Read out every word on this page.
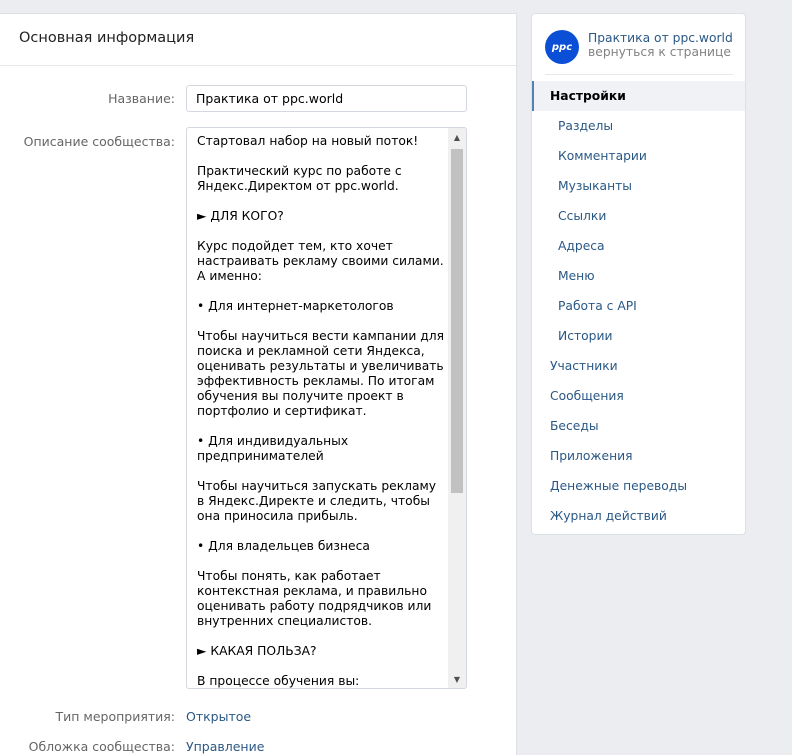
Основная информация
Название:
Практика от ppc.world
Описание сообщества: Стартовал набор на новый поток!

Практический курс по работе с Яндекс.Директом от ppc.world.

► ДЛЯ КОГО?

Курс подойдет тем, кто хочет настраивать рекламу своими силами. А именно:

• Для интернет-маркетологов

Чтобы научиться вести кампании для поиска и рекламной сети Яндекса, оценивать результаты и увеличивать эффективность рекламы. По итогам обучения вы получите проект в портфолио и сертификат.

• Для индивидуальных предпринимателей

Чтобы научиться запускать рекламу в Яндекс.Директе и следить, чтобы она приносила прибыль.

• Для владельцев бизнеса

Чтобы понять, как работает контекстная реклама, и правильно оценивать работу подрядчиков или внутренних специалистов.

► КАКАЯ ПОЛЬЗА?

В процессе обучения вы:
▲
▼
Тип мероприятия: Открытое
Обложка сообщества: Управление
ppc
Практика от ppc.world
вернуться к странице
Настройки
Разделы
Комментарии
Музыканты
Ссылки
Адреса
Меню
Работа с API
Истории
Участники
Сообщения
Беседы
Приложения
Денежные переводы
Журнал действий
